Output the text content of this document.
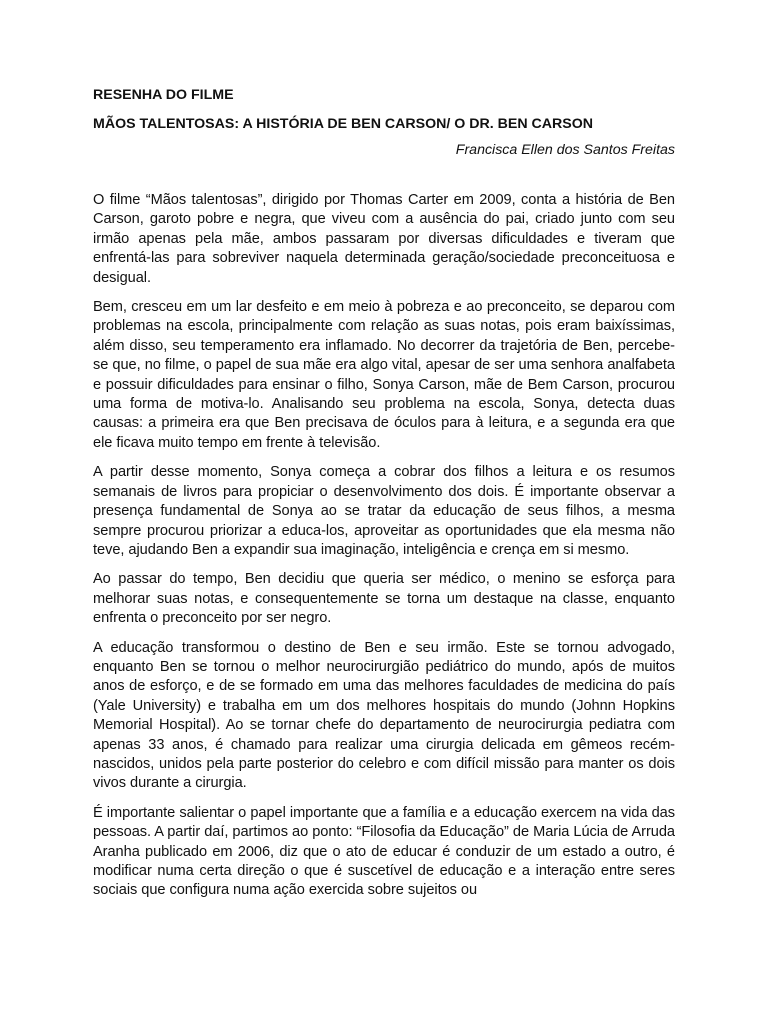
RESENHA DO FILME

MÃOS TALENTOSAS: A HISTÓRIA DE BEN CARSON/ O DR. BEN CARSON

Francisca Ellen dos Santos Freitas

O filme “Mãos talentosas”, dirigido por Thomas Carter em 2009, conta a história de Ben Carson, garoto pobre e negra, que viveu com a ausência do pai, criado junto com seu irmão apenas pela mãe, ambos passaram por diversas dificuldades e tiveram que enfrentá-las para sobreviver naquela determinada geração/sociedade preconceituosa e desigual.

Bem, cresceu em um lar desfeito e em meio à pobreza e ao preconceito, se deparou com problemas na escola, principalmente com relação as suas notas, pois eram baixíssimas, além disso, seu temperamento era inflamado. No decorrer da trajetória de Ben, percebe-se que, no filme, o papel de sua mãe era algo vital, apesar de ser uma senhora analfabeta e possuir dificuldades para ensinar o filho, Sonya Carson, mãe de Bem Carson, procurou uma forma de motiva-lo. Analisando seu problema na escola, Sonya, detecta duas causas: a primeira era que Ben precisava de óculos para à leitura, e a segunda era que ele ficava muito tempo em frente à televisão.

A partir desse momento, Sonya começa a cobrar dos filhos a leitura e os resumos semanais de livros para propiciar o desenvolvimento dos dois. É importante observar a presença fundamental de Sonya ao se tratar da educação de seus filhos, a mesma sempre procurou priorizar a educa-los, aproveitar as oportunidades que ela mesma não teve, ajudando Ben a expandir sua imaginação, inteligência e crença em si mesmo.

Ao passar do tempo, Ben decidiu que queria ser médico, o menino se esforça para melhorar suas notas, e consequentemente se torna um destaque na classe, enquanto enfrenta o preconceito por ser negro.

A educação transformou o destino de Ben e seu irmão. Este se tornou advogado, enquanto Ben se tornou o melhor neurocirurgião pediátrico do mundo, após de muitos anos de esforço, e de se formado em uma das melhores faculdades de medicina do país (Yale University) e trabalha em um dos melhores hospitais do mundo (Johnn Hopkins Memorial Hospital). Ao se tornar chefe do departamento de neurocirurgia pediatra com apenas 33 anos, é chamado para realizar uma cirurgia delicada em gêmeos recém-nascidos, unidos pela parte posterior do celebro e com difícil missão para manter os dois vivos durante a cirurgia.

É importante salientar o papel importante que a família e a educação exercem na vida das pessoas. A partir daí, partimos ao ponto: “Filosofia da Educação” de Maria Lúcia de Arruda Aranha publicado em 2006, diz que o ato de educar é conduzir de um estado a outro, é modificar numa certa direção o que é suscetível de educação e a interação entre seres sociais que configura numa ação exercida sobre sujeitos ou
